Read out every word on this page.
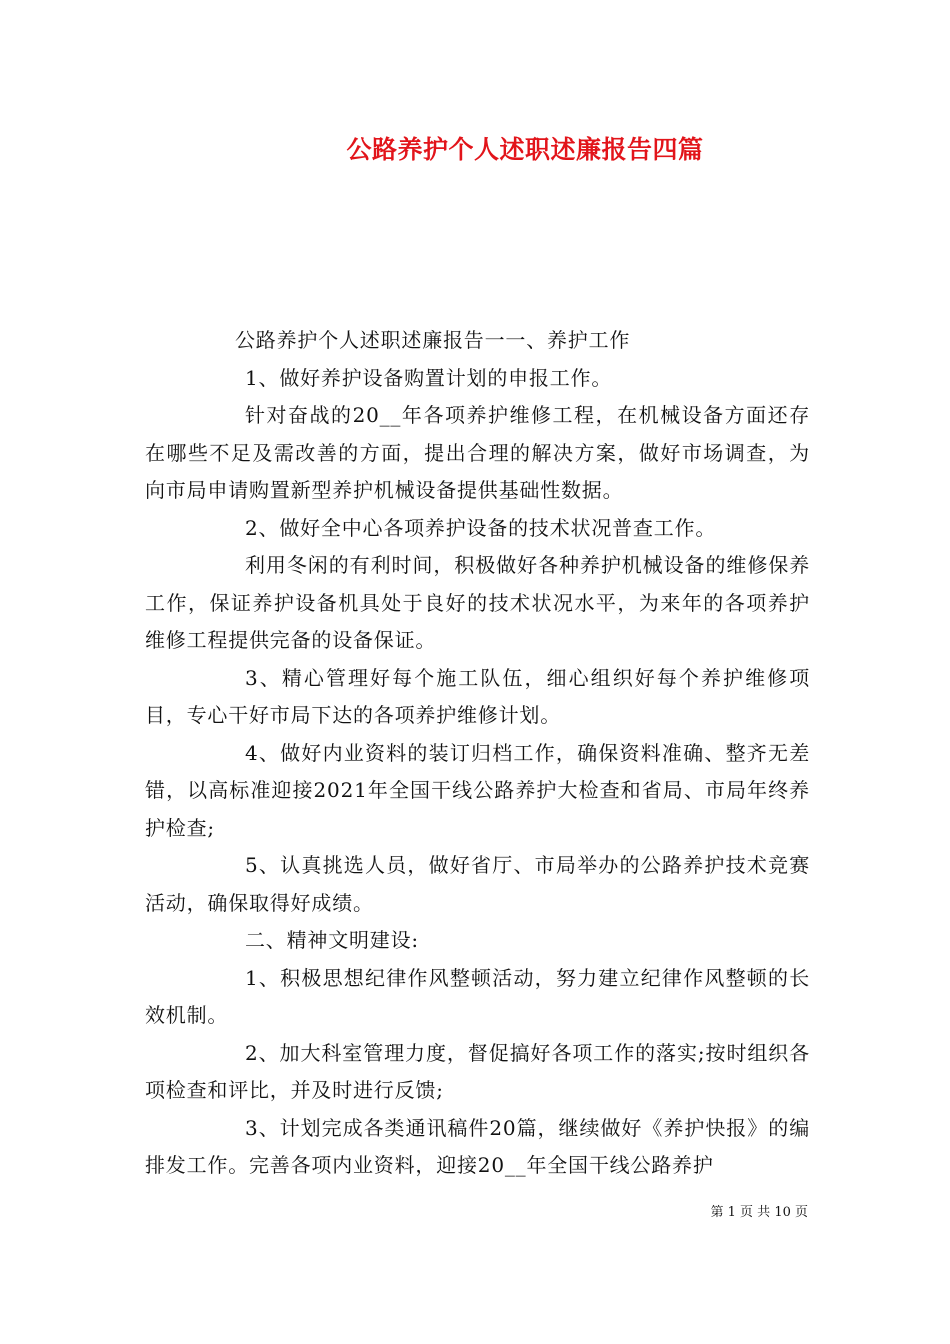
公路养护个人述职述廉报告四篇

公路养护个人述职述廉报告一一、养护工作

1、做好养护设备购置计划的申报工作。

针对奋战的20__年各项养护维修工程，在机械设备方面还存在哪些不足及需改善的方面，提出合理的解决方案，做好市场调查，为向市局申请购置新型养护机械设备提供基础性数据。

2、做好全中心各项养护设备的技术状况普查工作。

利用冬闲的有利时间，积极做好各种养护机械设备的维修保养工作，保证养护设备机具处于良好的技术状况水平，为来年的各项养护维修工程提供完备的设备保证。

3、精心管理好每个施工队伍，细心组织好每个养护维修项目，专心干好市局下达的各项养护维修计划。

4、做好内业资料的装订归档工作，确保资料准确、整齐无差错，以高标准迎接2021年全国干线公路养护大检查和省局、市局年终养护检查;

5、认真挑选人员，做好省厅、市局举办的公路养护技术竞赛活动，确保取得好成绩。

二、精神文明建设:

1、积极思想纪律作风整顿活动，努力建立纪律作风整顿的长效机制。

2、加大科室管理力度，督促搞好各项工作的落实;按时组织各项检查和评比，并及时进行反馈;

3、计划完成各类通讯稿件20篇，继续做好《养护快报》的编排发工作。完善各项内业资料，迎接20__年全国干线公路养护

第 1 页 共 10 页
